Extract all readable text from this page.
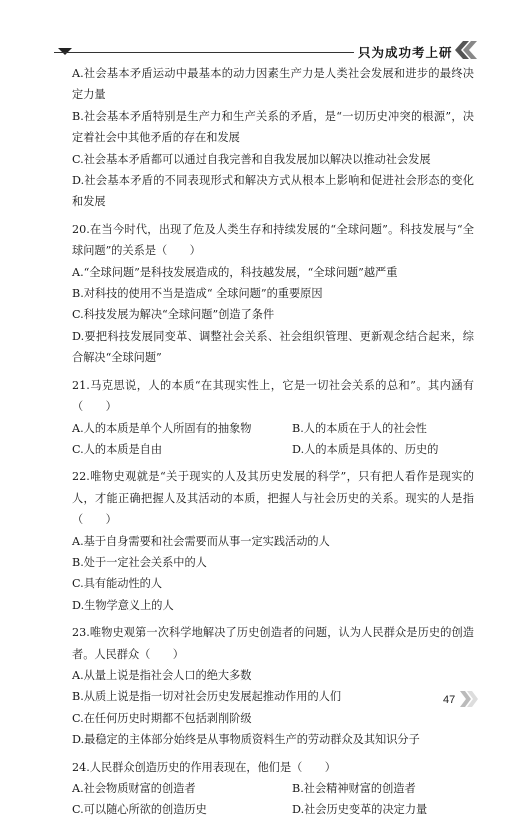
只为成功考上研

A.社会基本矛盾运动中最基本的动力因素生产力是人类社会发展和进步的最终决定力量

B.社会基本矛盾特别是生产力和生产关系的矛盾，是“一切历史冲突的根源”，决定着社会中其他矛盾的存在和发展

C.社会基本矛盾都可以通过自我完善和自我发展加以解决以推动社会发展

D.社会基本矛盾的不同表现形式和解决方式从根本上影响和促进社会形态的变化和发展

20.在当今时代，出现了危及人类生存和持续发展的“全球问题”。科技发展与“全球问题”的关系是（　　）

A.“全球问题”是科技发展造成的，科技越发展，“全球问题”越严重

B.对科技的使用不当是造成“ 全球问题”的重要原因

C.科技发展为解决“全球问题”创造了条件

D.要把科技发展同变革、调整社会关系、社会组织管理、更新观念结合起来，综合解决“全球问题”

21.马克思说，人的本质“在其现实性上，它是一切社会关系的总和”。其内涵有（　　）

A.人的本质是单个人所固有的抽象物	B.人的本质在于人的社会性
C.人的本质是自由	D.人的本质是具体的、历史的

22.唯物史观就是“关于现实的人及其历史发展的科学”，只有把人看作是现实的人，才能正确把握人及其活动的本质，把握人与社会历史的关系。现实的人是指（　　）

A.基于自身需要和社会需要而从事一定实践活动的人

B.处于一定社会关系中的人

C.具有能动性的人

D.生物学意义上的人

23.唯物史观第一次科学地解决了历史创造者的问题，认为人民群众是历史的创造者。人民群众（　　）

A.从量上说是指社会人口的绝大多数

B.从质上说是指一切对社会历史发展起推动作用的人们

C.在任何历史时期都不包括剥削阶级

D.最稳定的主体部分始终是从事物质资料生产的劳动群众及其知识分子

24.人民群众创造历史的作用表现在，他们是（　　）

A.社会物质财富的创造者	B.社会精神财富的创造者
C.可以随心所欲的创造历史	D.社会历史变革的决定力量
47
